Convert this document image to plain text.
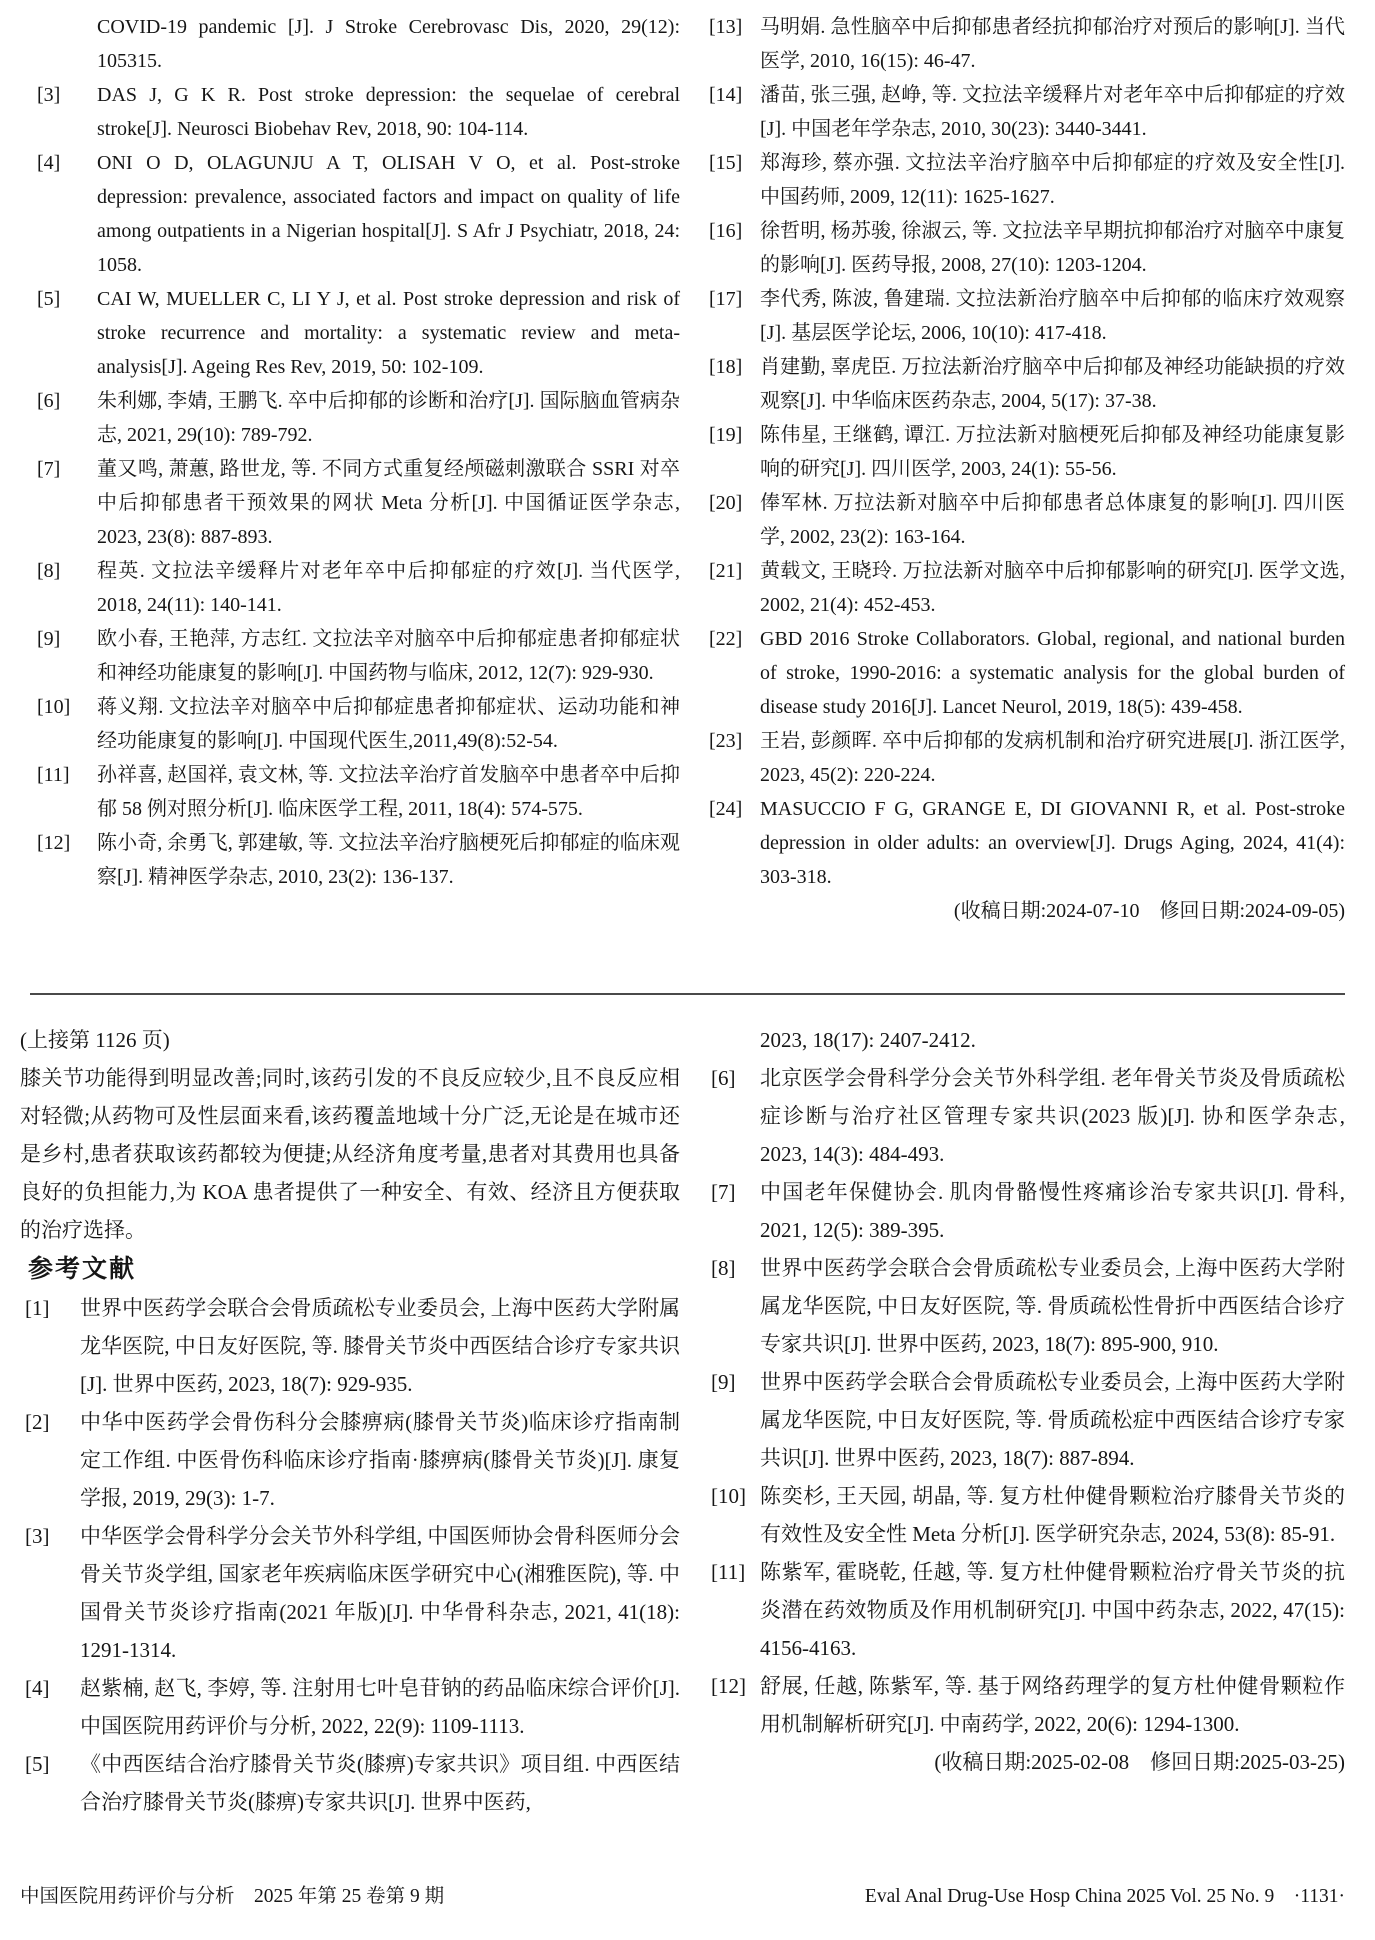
COVID-19 pandemic [J]. J Stroke Cerebrovasc Dis, 2020, 29(12): 105315.
[3] DAS J, G K R. Post stroke depression: the sequelae of cerebral stroke[J]. Neurosci Biobehav Rev, 2018, 90: 104-114.
[4] ONI O D, OLAGUNJU A T, OLISAH V O, et al. Post-stroke depression: prevalence, associated factors and impact on quality of life among outpatients in a Nigerian hospital[J]. S Afr J Psychiatr, 2018, 24: 1058.
[5] CAI W, MUELLER C, LI Y J, et al. Post stroke depression and risk of stroke recurrence and mortality: a systematic review and meta-analysis[J]. Ageing Res Rev, 2019, 50: 102-109.
[6] 朱利娜, 李婧, 王鹏飞. 卒中后抑郁的诊断和治疗[J]. 国际脑血管病杂志, 2021, 29(10): 789-792.
[7] 董又鸣, 萧蕙, 路世龙, 等. 不同方式重复经颅磁刺激联合 SSRI 对卒中后抑郁患者干预效果的网状 Meta 分析[J]. 中国循证医学杂志, 2023, 23(8): 887-893.
[8] 程英. 文拉法辛缓释片对老年卒中后抑郁症的疗效[J]. 当代医学, 2018, 24(11): 140-141.
[9] 欧小春, 王艳萍, 方志红. 文拉法辛对脑卒中后抑郁症患者抑郁症状和神经功能康复的影响[J]. 中国药物与临床, 2012, 12(7): 929-930.
[10] 蒋义翔. 文拉法辛对脑卒中后抑郁症患者抑郁症状、运动功能和神经功能康复的影响[J]. 中国现代医生,2011,49(8):52-54.
[11] 孙祥喜, 赵国祥, 袁文林, 等. 文拉法辛治疗首发脑卒中患者卒中后抑郁 58 例对照分析[J]. 临床医学工程, 2011, 18(4): 574-575.
[12] 陈小奇, 余勇飞, 郭建敏, 等. 文拉法辛治疗脑梗死后抑郁症的临床观察[J]. 精神医学杂志, 2010, 23(2): 136-137.
[13] 马明娟. 急性脑卒中后抑郁患者经抗抑郁治疗对预后的影响[J]. 当代医学, 2010, 16(15): 46-47.
[14] 潘苗, 张三强, 赵峥, 等. 文拉法辛缓释片对老年卒中后抑郁症的疗效[J]. 中国老年学杂志, 2010, 30(23): 3440-3441.
[15] 郑海珍, 蔡亦强. 文拉法辛治疗脑卒中后抑郁症的疗效及安全性[J]. 中国药师, 2009, 12(11): 1625-1627.
[16] 徐哲明, 杨苏骏, 徐淑云, 等. 文拉法辛早期抗抑郁治疗对脑卒中康复的影响[J]. 医药导报, 2008, 27(10): 1203-1204.
[17] 李代秀, 陈波, 鲁建瑞. 文拉法新治疗脑卒中后抑郁的临床疗效观察[J]. 基层医学论坛, 2006, 10(10): 417-418.
[18] 肖建勤, 辜虎臣. 万拉法新治疗脑卒中后抑郁及神经功能缺损的疗效观察[J]. 中华临床医药杂志, 2004, 5(17): 37-38.
[19] 陈伟星, 王继鹤, 谭江. 万拉法新对脑梗死后抑郁及神经功能康复影响的研究[J]. 四川医学, 2003, 24(1): 55-56.
[20] 俸军林. 万拉法新对脑卒中后抑郁患者总体康复的影响[J]. 四川医学, 2002, 23(2): 163-164.
[21] 黄载文, 王晓玲. 万拉法新对脑卒中后抑郁影响的研究[J]. 医学文选, 2002, 21(4): 452-453.
[22] GBD 2016 Stroke Collaborators. Global, regional, and national burden of stroke, 1990-2016: a systematic analysis for the global burden of disease study 2016[J]. Lancet Neurol, 2019, 18(5): 439-458.
[23] 王岩, 彭颜晖. 卒中后抑郁的发病机制和治疗研究进展[J]. 浙江医学, 2023, 45(2): 220-224.
[24] MASUCCIO F G, GRANGE E, DI GIOVANNI R, et al. Post-stroke depression in older adults: an overview[J]. Drugs Aging, 2024, 41(4): 303-318.
(收稿日期:2024-07-10　修回日期:2024-09-05)
(上接第 1126 页)
膝关节功能得到明显改善;同时,该药引发的不良反应较少,且不良反应相对轻微;从药物可及性层面来看,该药覆盖地域十分广泛,无论是在城市还是乡村,患者获取该药都较为便捷;从经济角度考量,患者对其费用也具备良好的负担能力,为 KOA 患者提供了一种安全、有效、经济且方便获取的治疗选择。
参考文献
[1] 世界中医药学会联合会骨质疏松专业委员会, 上海中医药大学附属龙华医院, 中日友好医院, 等. 膝骨关节炎中西医结合诊疗专家共识[J]. 世界中医药, 2023, 18(7): 929-935.
[2] 中华中医药学会骨伤科分会膝痹病(膝骨关节炎)临床诊疗指南制定工作组. 中医骨伤科临床诊疗指南·膝痹病(膝骨关节炎)[J]. 康复学报, 2019, 29(3): 1-7.
[3] 中华医学会骨科学分会关节外科学组, 中国医师协会骨科医师分会骨关节炎学组, 国家老年疾病临床医学研究中心(湘雅医院), 等. 中国骨关节炎诊疗指南(2021 年版)[J]. 中华骨科杂志, 2021, 41(18): 1291-1314.
[4] 赵紫楠, 赵飞, 李婷, 等. 注射用七叶皂苷钠的药品临床综合评价[J]. 中国医院用药评价与分析, 2022, 22(9): 1109-1113.
[5] 《中西医结合治疗膝骨关节炎(膝痹)专家共识》项目组. 中西医结合治疗膝骨关节炎(膝痹)专家共识[J]. 世界中医药,
2023, 18(17): 2407-2412.
[6] 北京医学会骨科学分会关节外科学组. 老年骨关节炎及骨质疏松症诊断与治疗社区管理专家共识(2023 版)[J]. 协和医学杂志, 2023, 14(3): 484-493.
[7] 中国老年保健协会. 肌肉骨骼慢性疼痛诊治专家共识[J]. 骨科, 2021, 12(5): 389-395.
[8] 世界中医药学会联合会骨质疏松专业委员会, 上海中医药大学附属龙华医院, 中日友好医院, 等. 骨质疏松性骨折中西医结合诊疗专家共识[J]. 世界中医药, 2023, 18(7): 895-900, 910.
[9] 世界中医药学会联合会骨质疏松专业委员会, 上海中医药大学附属龙华医院, 中日友好医院, 等. 骨质疏松症中西医结合诊疗专家共识[J]. 世界中医药, 2023, 18(7): 887-894.
[10] 陈奕杉, 王天园, 胡晶, 等. 复方杜仲健骨颗粒治疗膝骨关节炎的有效性及安全性 Meta 分析[J]. 医学研究杂志, 2024, 53(8): 85-91.
[11] 陈紫军, 霍晓乾, 任越, 等. 复方杜仲健骨颗粒治疗骨关节炎的抗炎潜在药效物质及作用机制研究[J]. 中国中药杂志, 2022, 47(15): 4156-4163.
[12] 舒展, 任越, 陈紫军, 等. 基于网络药理学的复方杜仲健骨颗粒作用机制解析研究[J]. 中南药学, 2022, 20(6): 1294-1300.
(收稿日期:2025-02-08　修回日期:2025-03-25)
中国医院用药评价与分析　2025 年第 25 卷第 9 期	Eval Anal Drug-Use Hosp China 2025 Vol. 25 No. 9　·1131·
